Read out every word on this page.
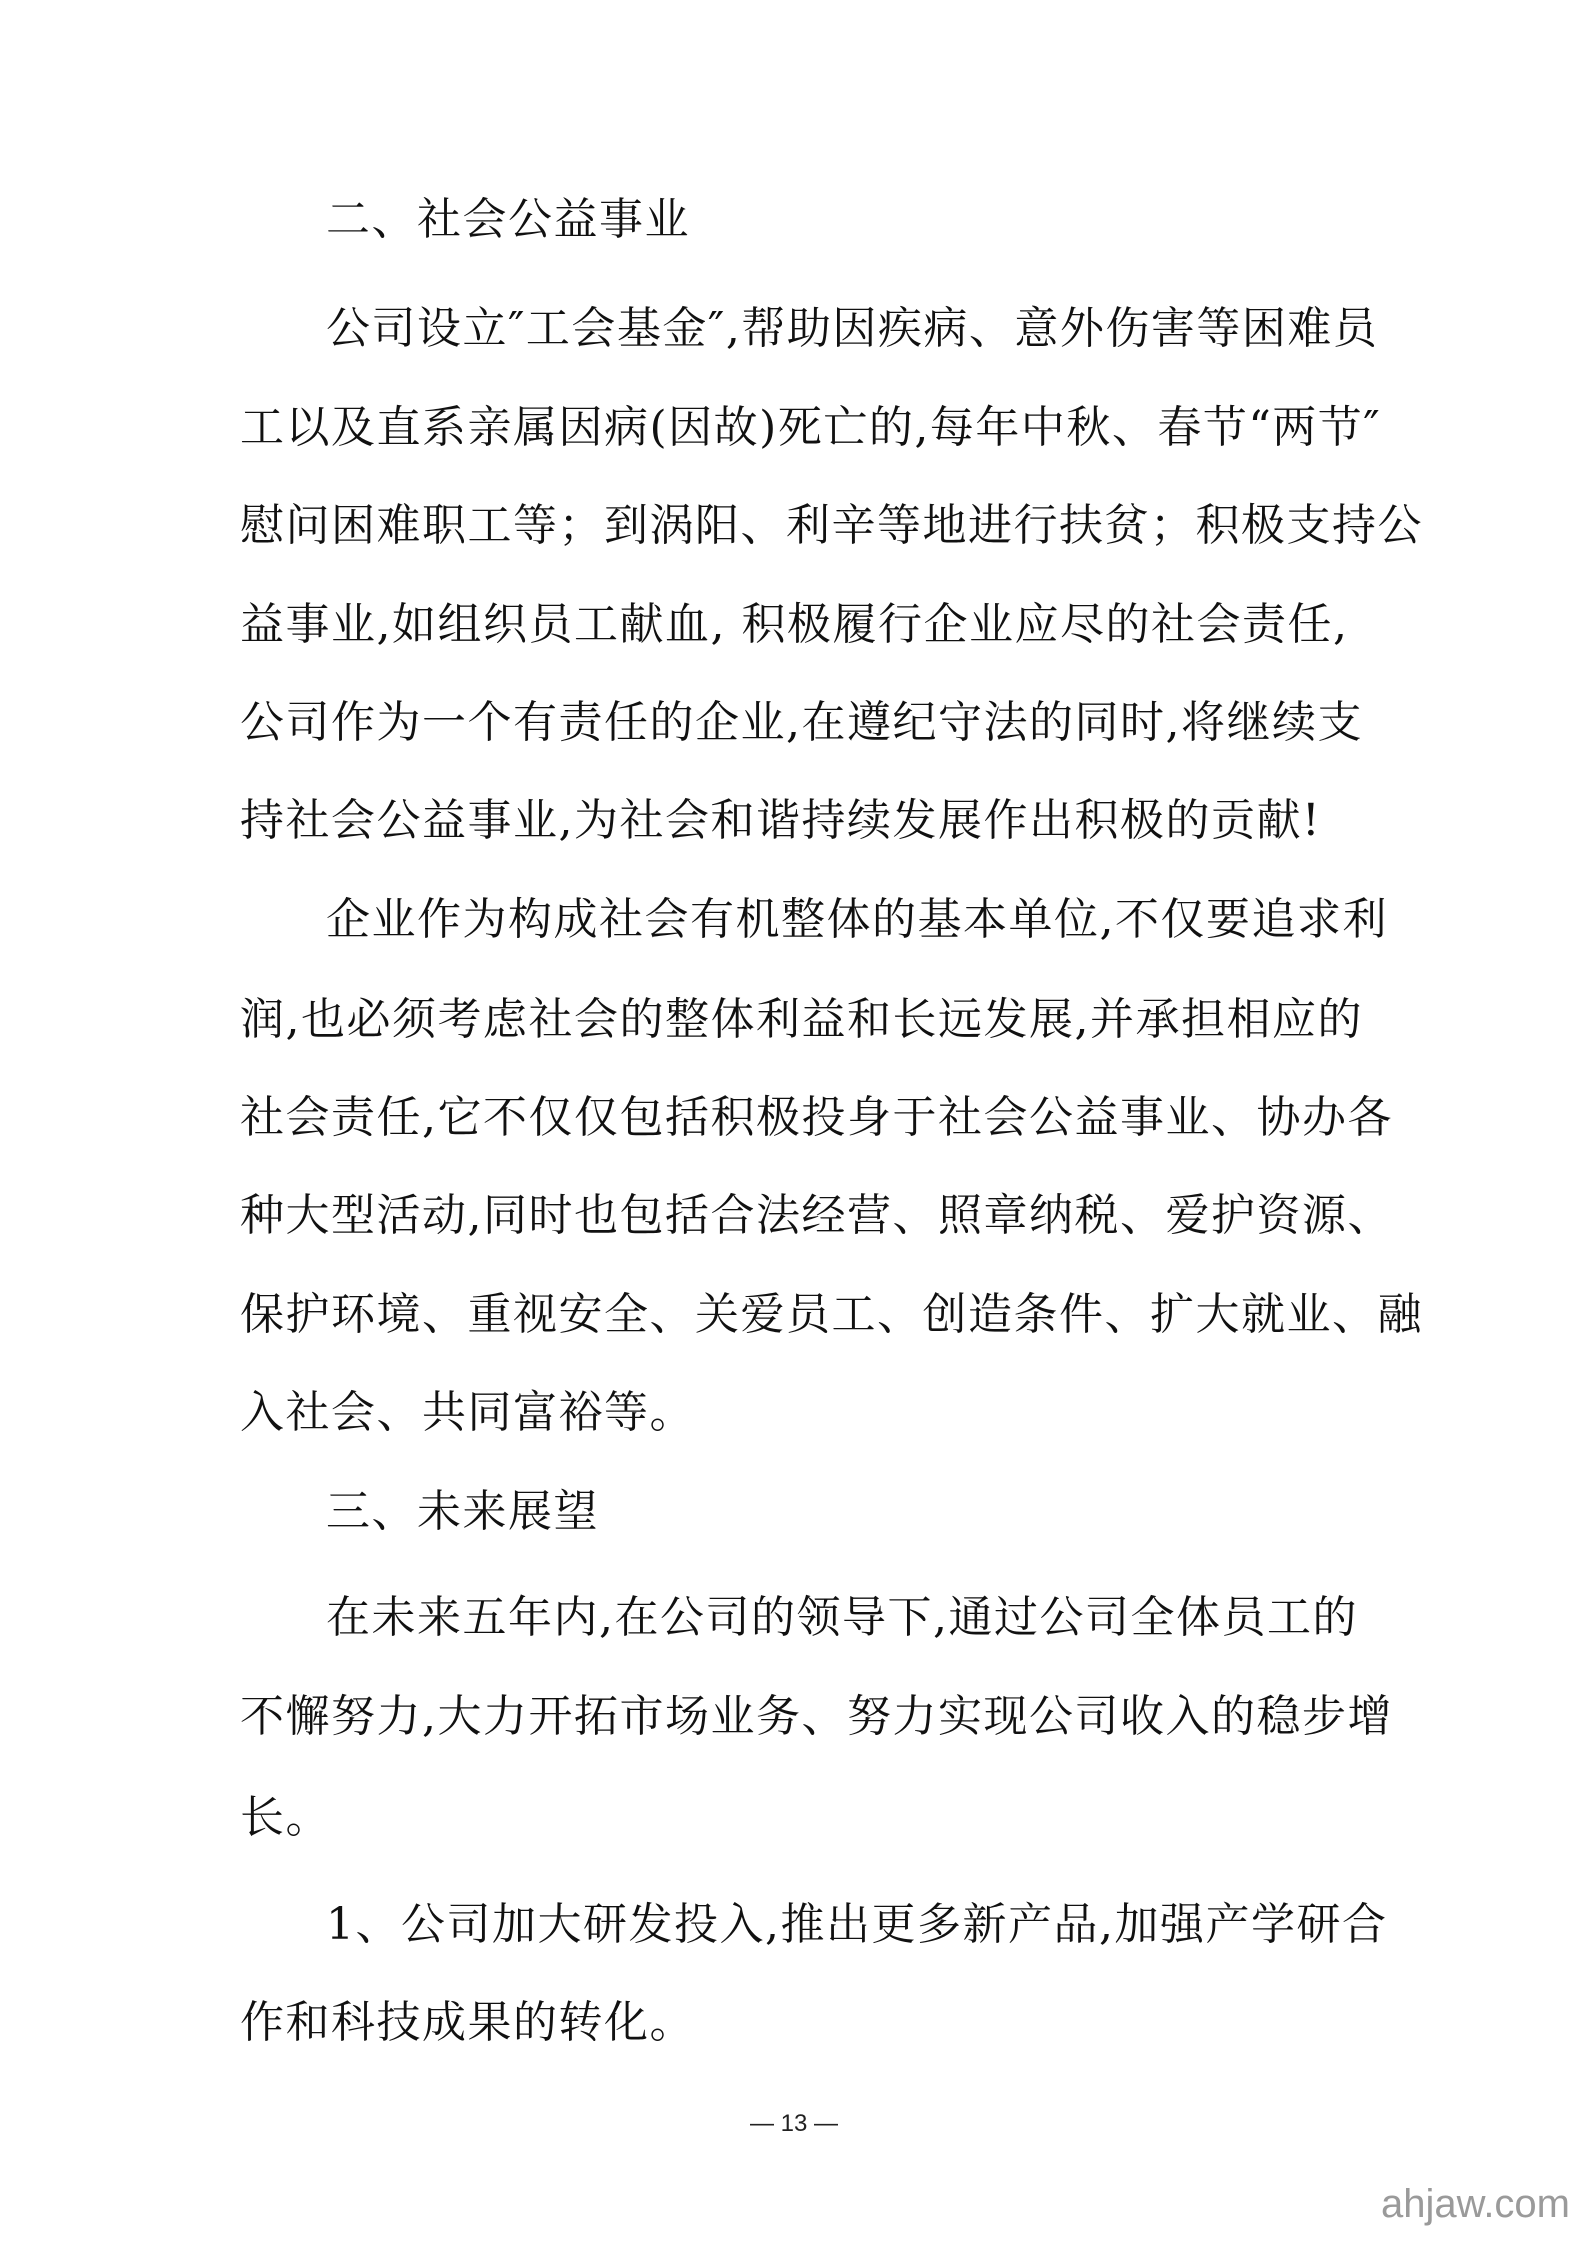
二、社会公益事业

公司设立″工会基金″,帮助因疾病、意外伤害等困难员

工以及直系亲属因病(因故)死亡的,每年中秋、春节“两节″

慰问困难职工等；到涡阳、利辛等地进行扶贫；积极支持公

益事业,如组织员工献血, 积极履行企业应尽的社会责任,

公司作为一个有责任的企业,在遵纪守法的同时,将继续支

持社会公益事业,为社会和谐持续发展作出积极的贡献!

企业作为构成社会有机整体的基本单位,不仅要追求利

润,也必须考虑社会的整体利益和长远发展,并承担相应的

社会责任,它不仅仅包括积极投身于社会公益事业、协办各

种大型活动,同时也包括合法经营、照章纳税、爱护资源、

保护环境、重视安全、关爱员工、创造条件、扩大就业、融

入社会、共同富裕等。

三、未来展望

在未来五年内,在公司的领导下,通过公司全体员工的

不懈努力,大力开拓市场业务、努力实现公司收入的稳步增

长。

1、公司加大研发投入,推出更多新产品,加强产学研合

作和科技成果的转化。

— 13 —
ahjaw.com
